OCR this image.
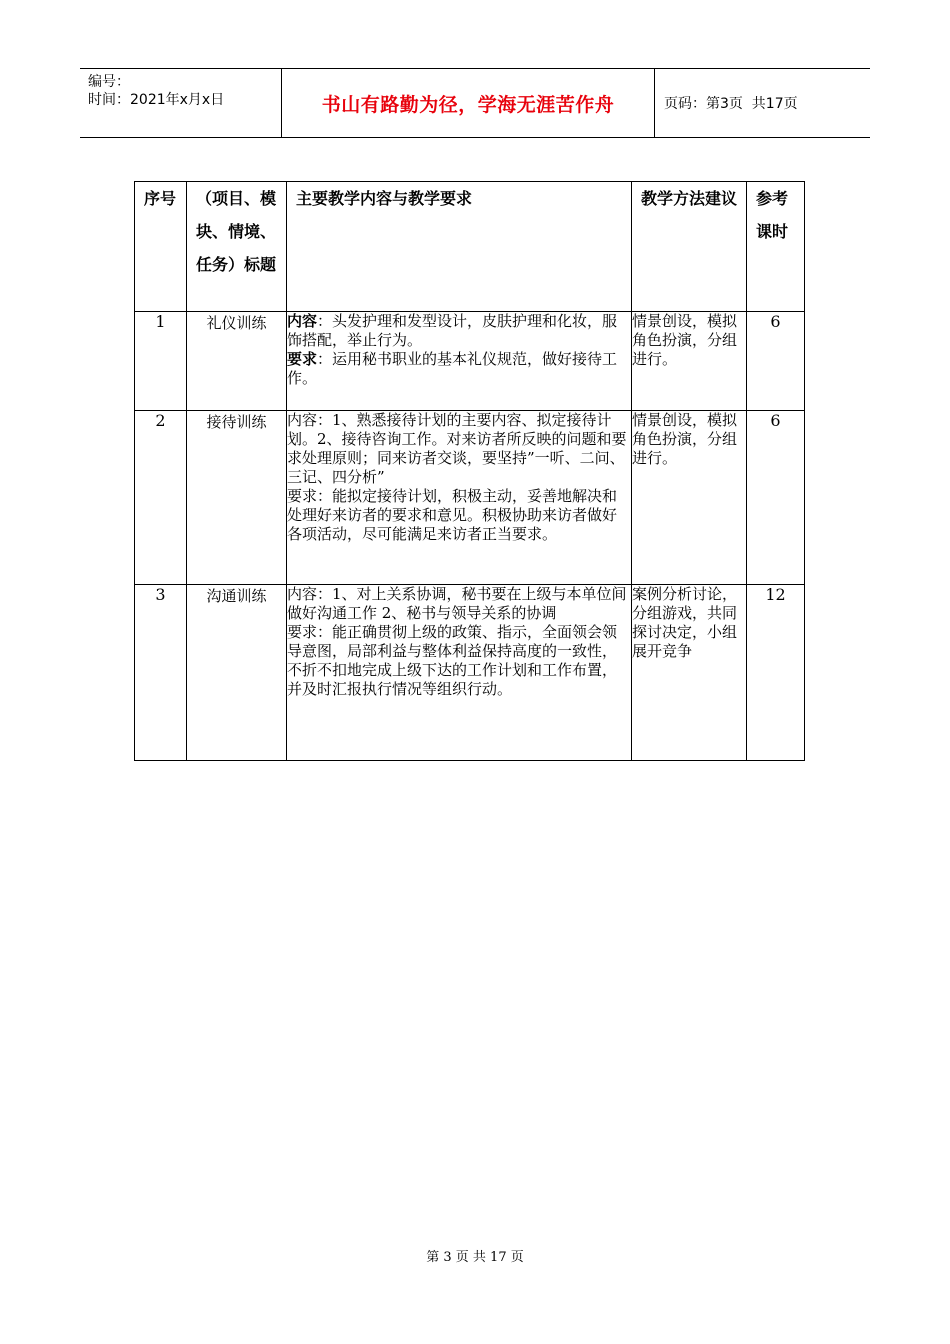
编号：
时间：2021年x月x日	书山有路勤为径，学海无涯苦作舟	页码：第3页  共17页
序号	（项目、模块、情境、任务）标题	主要教学内容与教学要求	教学方法建议	参考课时
1	礼仪训练	内容：头发护理和发型设计，皮肤护理和化妆，服饰搭配，举止行为。
要求：运用秘书职业的基本礼仪规范，做好接待工作。	情景创设，模拟角色扮演，分组进行。	6
2	接待训练	内容：1、熟悉接待计划的主要内容、拟定接待计划。2、接待咨询工作。对来访者所反映的问题和要求处理原则；同来访者交谈，要坚持”一听、二问、三记、四分析”
要求：能拟定接待计划，积极主动，妥善地解决和处理好来访者的要求和意见。积极协助来访者做好各项活动，尽可能满足来访者正当要求。	情景创设，模拟角色扮演，分组进行。	6
3	沟通训练	内容：1、对上关系协调，秘书要在上级与本单位间做好沟通工作 2、秘书与领导关系的协调
要求：能正确贯彻上级的政策、指示，全面领会领导意图，局部利益与整体利益保持高度的一致性，不折不扣地完成上级下达的工作计划和工作布置，并及时汇报执行情况等组织行动。	案例分析讨论，分组游戏，共同探讨决定，小组展开竞争	12
第 3 页 共 17 页
